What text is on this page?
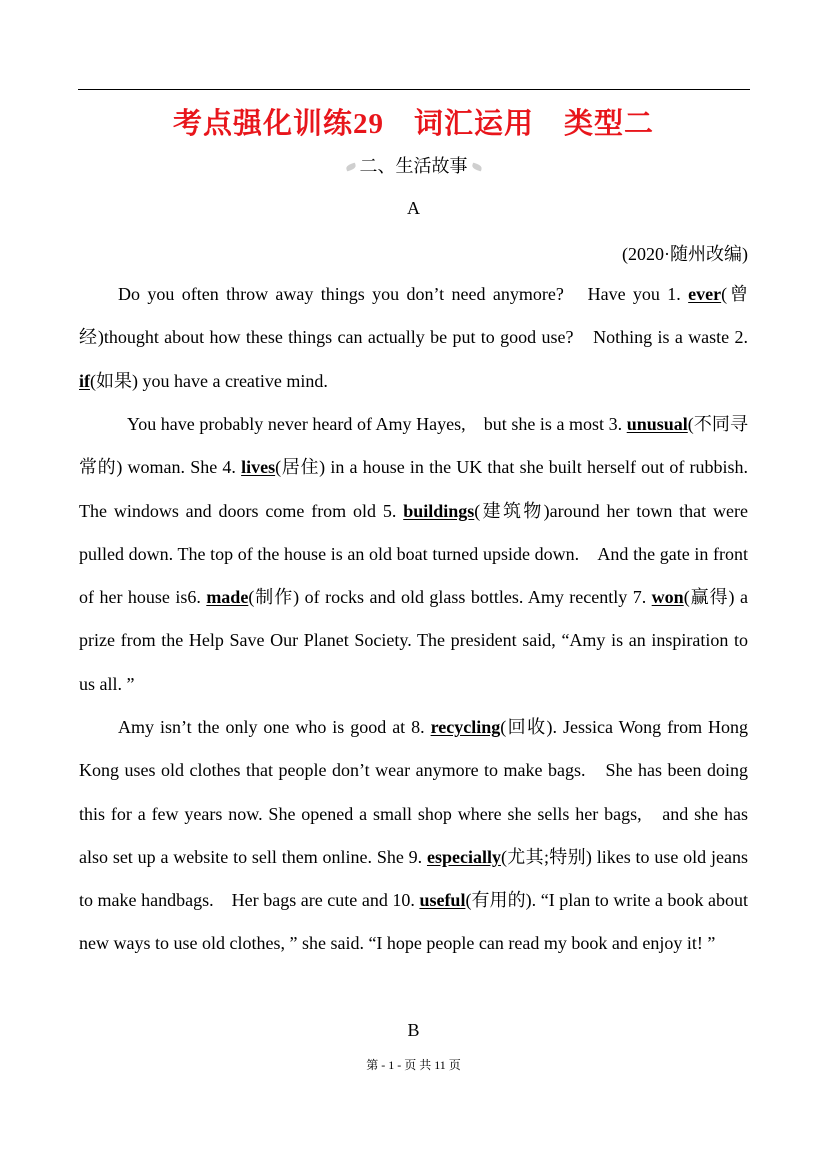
考点强化训练29　词汇运用　类型二
二、生活故事
A
(2020·随州改编)

Do you often throw away things you don’t need anymore?　Have you 1. ever(曾经)thought about how these things can actually be put to good use?　Nothing is a waste 2. if(如果) you have a creative mind.

You have probably never heard of Amy Hayes,　but she is a most 3. unusual(不同寻常的) woman. She 4. lives(居住) in a house in the UK that she built herself out of rubbish.　The windows and doors come from old 5. buildings(建筑物)around her town that were pulled down. The top of the house is an old boat turned upside down.　And the gate in front of her house is6. made(制作) of rocks and old glass bottles. Amy recently 7. won(赢得) a prize from the Help Save Our Planet Society. The president said, “Amy is an inspiration to us all. ”

Amy isn’t the only one who is good at 8. recycling(回收). Jessica Wong from Hong Kong uses old clothes that people don’t wear anymore to make bags.　She has been doing this for a few years now. She opened a small shop where she sells her bags,　and she has also set up a website to sell them online. She 9. especially(尤其;特别) likes to use old jeans to make handbags.　Her bags are cute and 10. useful(有用的). “I plan to write a book about new ways to use old clothes, ” she said. “I hope people can read my book and enjoy it! ”

B
第 - 1 - 页 共 11 页
